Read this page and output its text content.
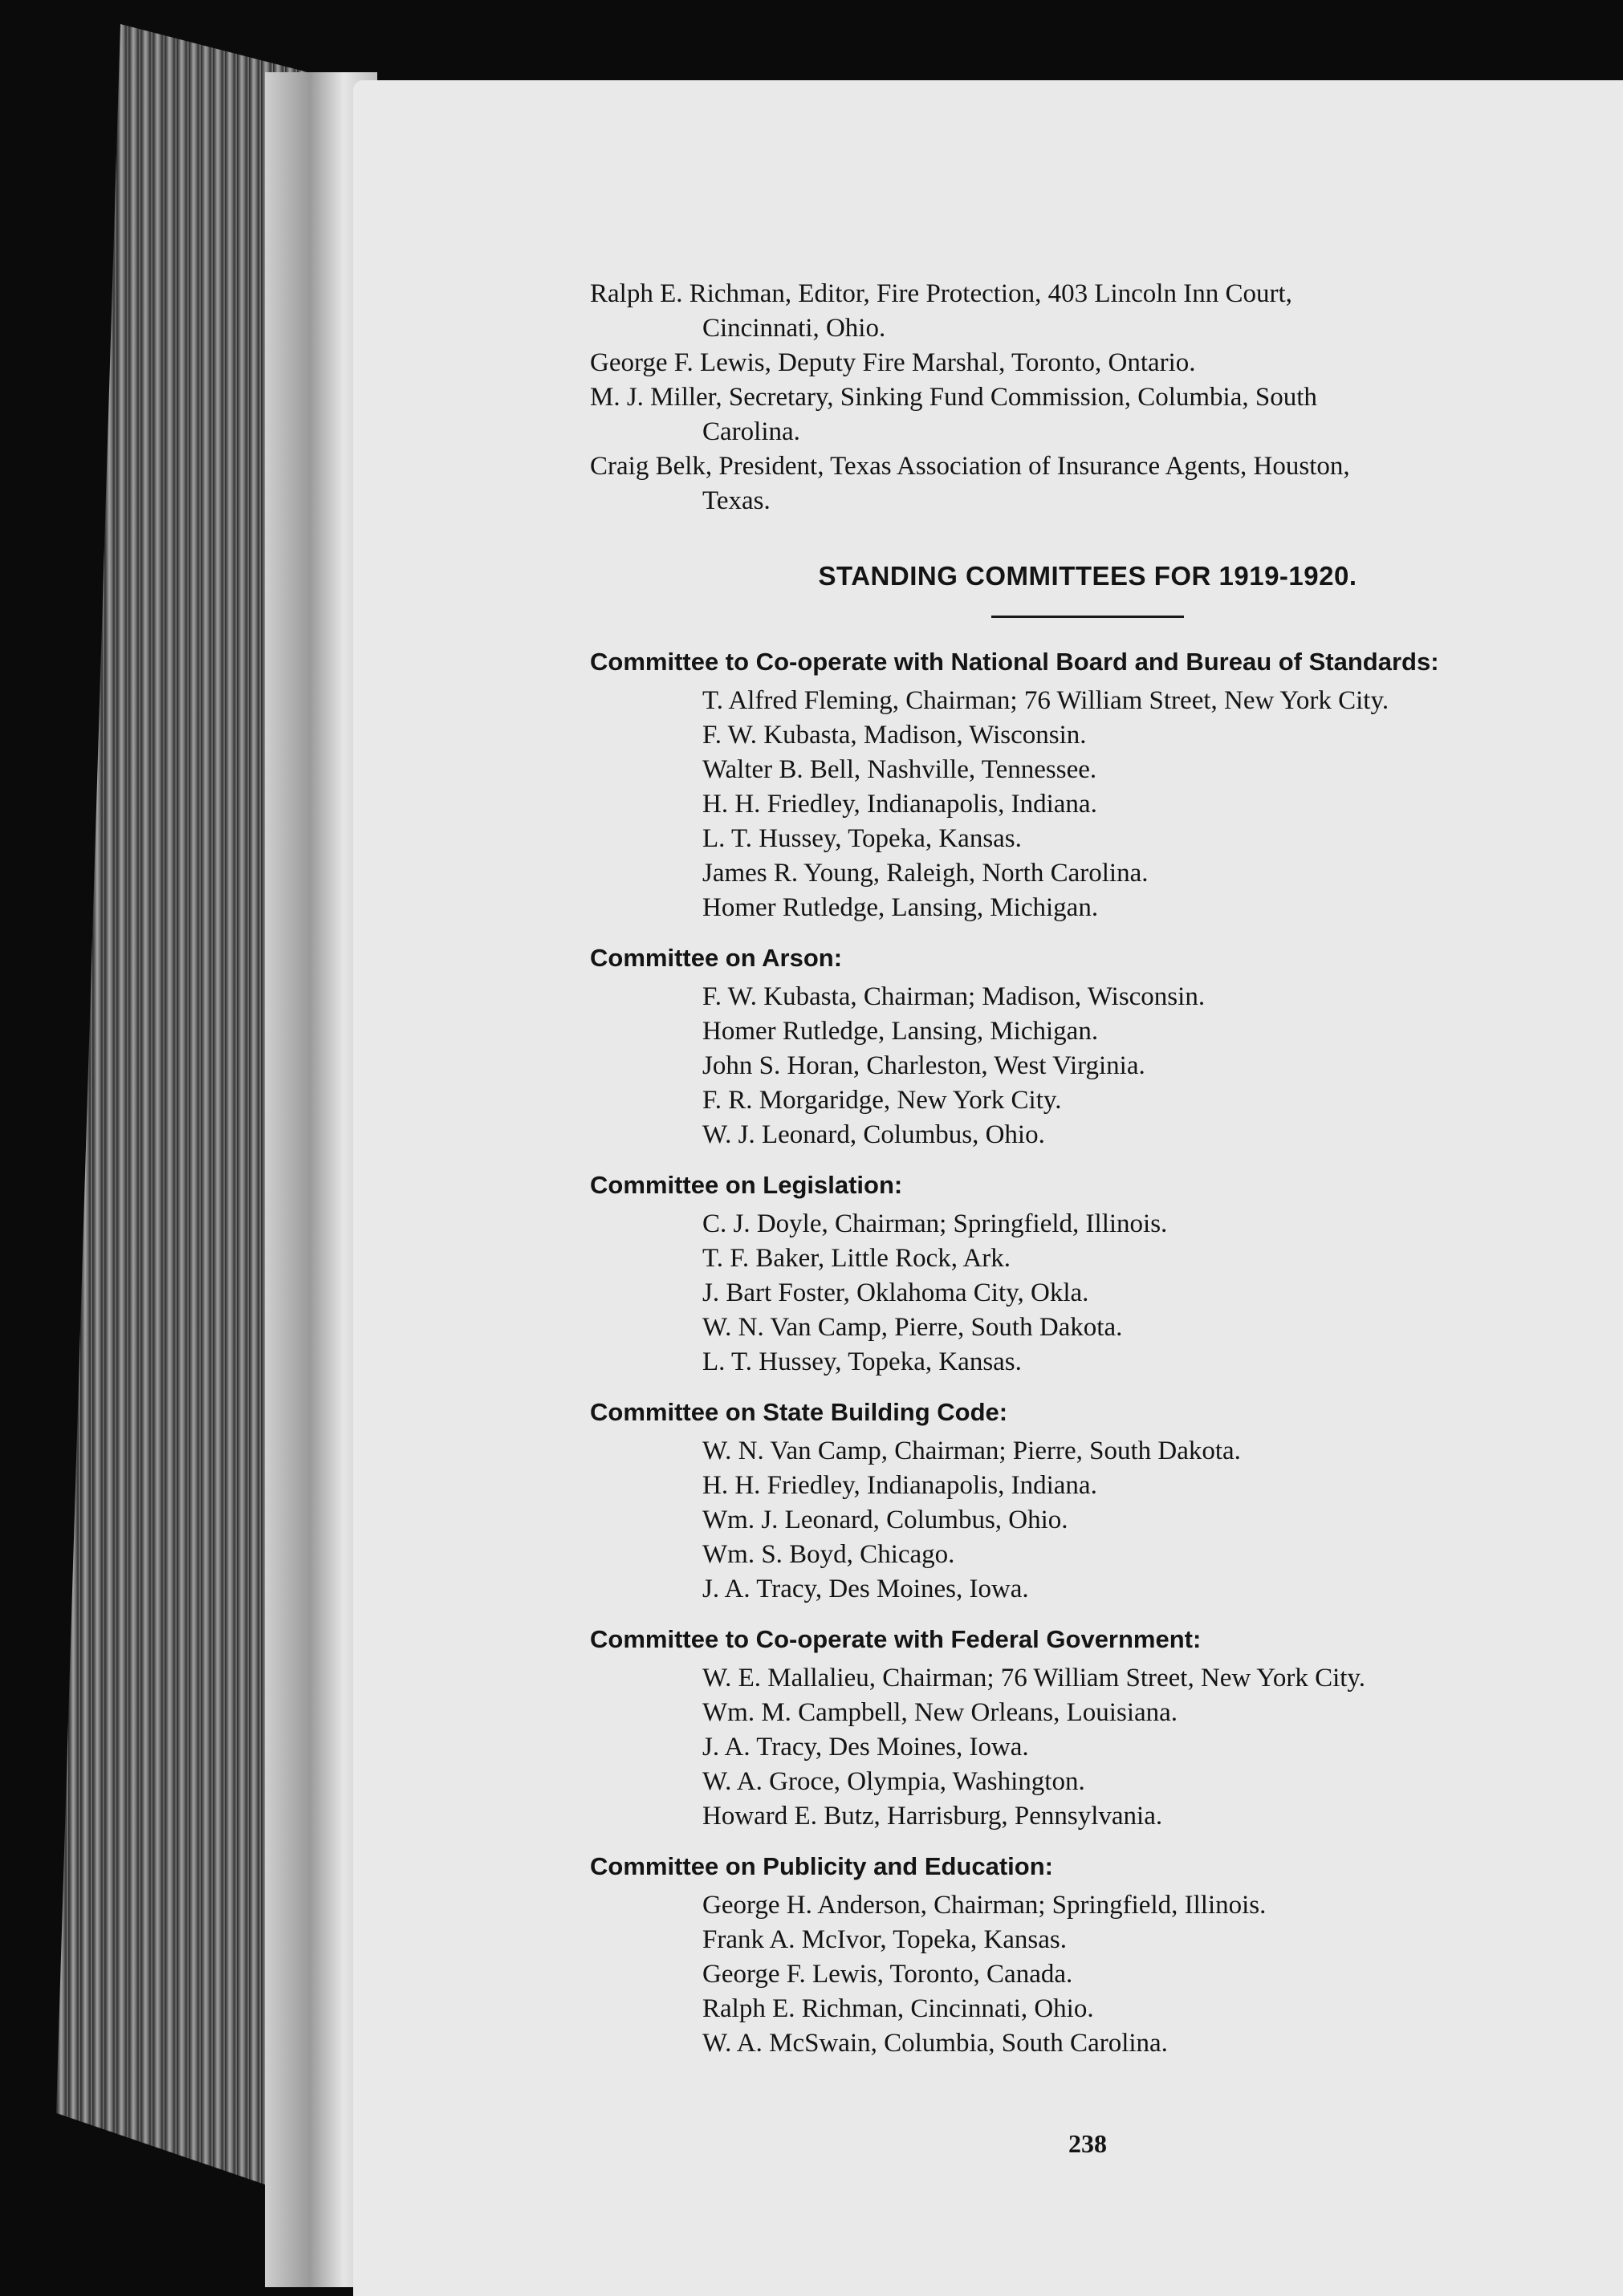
Ralph E. Richman, Editor, Fire Protection, 403 Lincoln Inn Court,
Cincinnati, Ohio.

George F. Lewis, Deputy Fire Marshal, Toronto, Ontario.

M. J. Miller, Secretary, Sinking Fund Commission, Columbia, South
Carolina.

Craig Belk, President, Texas Association of Insurance Agents, Houston,
Texas.

STANDING COMMITTEES FOR 1919-1920.
Committee to Co-operate with National Board and Bureau of Standards:
T. Alfred Fleming, Chairman; 76 William Street, New York City.
F. W. Kubasta, Madison, Wisconsin.
Walter B. Bell, Nashville, Tennessee.
H. H. Friedley, Indianapolis, Indiana.
L. T. Hussey, Topeka, Kansas.
James R. Young, Raleigh, North Carolina.
Homer Rutledge, Lansing, Michigan.
Committee on Arson:
F. W. Kubasta, Chairman; Madison, Wisconsin.
Homer Rutledge, Lansing, Michigan.
John S. Horan, Charleston, West Virginia.
F. R. Morgaridge, New York City.
W. J. Leonard, Columbus, Ohio.
Committee on Legislation:
C. J. Doyle, Chairman; Springfield, Illinois.
T. F. Baker, Little Rock, Ark.
J. Bart Foster, Oklahoma City, Okla.
W. N. Van Camp, Pierre, South Dakota.
L. T. Hussey, Topeka, Kansas.
Committee on State Building Code:
W. N. Van Camp, Chairman; Pierre, South Dakota.
H. H. Friedley, Indianapolis, Indiana.
Wm. J. Leonard, Columbus, Ohio.
Wm. S. Boyd, Chicago.
J. A. Tracy, Des Moines, Iowa.
Committee to Co-operate with Federal Government:
W. E. Mallalieu, Chairman; 76 William Street, New York City.
Wm. M. Campbell, New Orleans, Louisiana.
J. A. Tracy, Des Moines, Iowa.
W. A. Groce, Olympia, Washington.
Howard E. Butz, Harrisburg, Pennsylvania.
Committee on Publicity and Education:
George H. Anderson, Chairman; Springfield, Illinois.
Frank A. McIvor, Topeka, Kansas.
George F. Lewis, Toronto, Canada.
Ralph E. Richman, Cincinnati, Ohio.
W. A. McSwain, Columbia, South Carolina.
238
